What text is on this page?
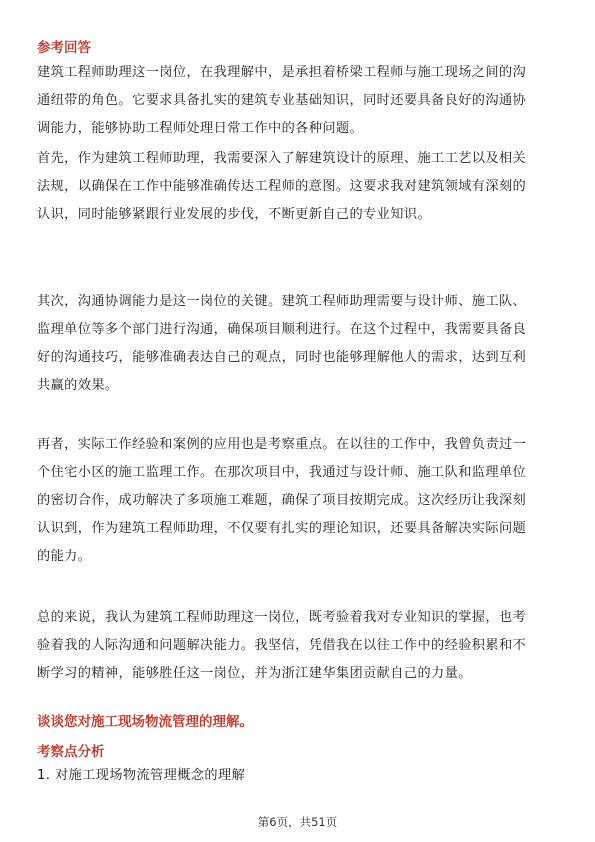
参考回答
建筑工程师助理这一岗位，在我理解中，是承担着桥梁工程师与施工现场之间的沟
通纽带的角色。它要求具备扎实的建筑专业基础知识，同时还要具备良好的沟通协
调能力，能够协助工程师处理日常工作中的各种问题。
首先，作为建筑工程师助理，我需要深入了解建筑设计的原理、施工工艺以及相关
法规，以确保在工作中能够准确传达工程师的意图。这要求我对建筑领域有深刻的
认识，同时能够紧跟行业发展的步伐，不断更新自己的专业知识。
其次，沟通协调能力是这一岗位的关键。建筑工程师助理需要与设计师、施工队、
监理单位等多个部门进行沟通，确保项目顺利进行。在这个过程中，我需要具备良
好的沟通技巧，能够准确表达自己的观点，同时也能够理解他人的需求，达到互利
共赢的效果。
再者，实际工作经验和案例的应用也是考察重点。在以往的工作中，我曾负责过一
个住宅小区的施工监理工作。在那次项目中，我通过与设计师、施工队和监理单位
的密切合作，成功解决了多项施工难题，确保了项目按期完成。这次经历让我深刻
认识到，作为建筑工程师助理，不仅要有扎实的理论知识，还要具备解决实际问题
的能力。
总的来说，我认为建筑工程师助理这一岗位，既考验着我对专业知识的掌握，也考
验着我的人际沟通和问题解决能力。我坚信，凭借我在以往工作中的经验积累和不
断学习的精神，能够胜任这一岗位，并为浙江建华集团贡献自己的力量。
谈谈您对施工现场物流管理的理解。
考察点分析
1. 对施工现场物流管理概念的理解
第6页，共51页
